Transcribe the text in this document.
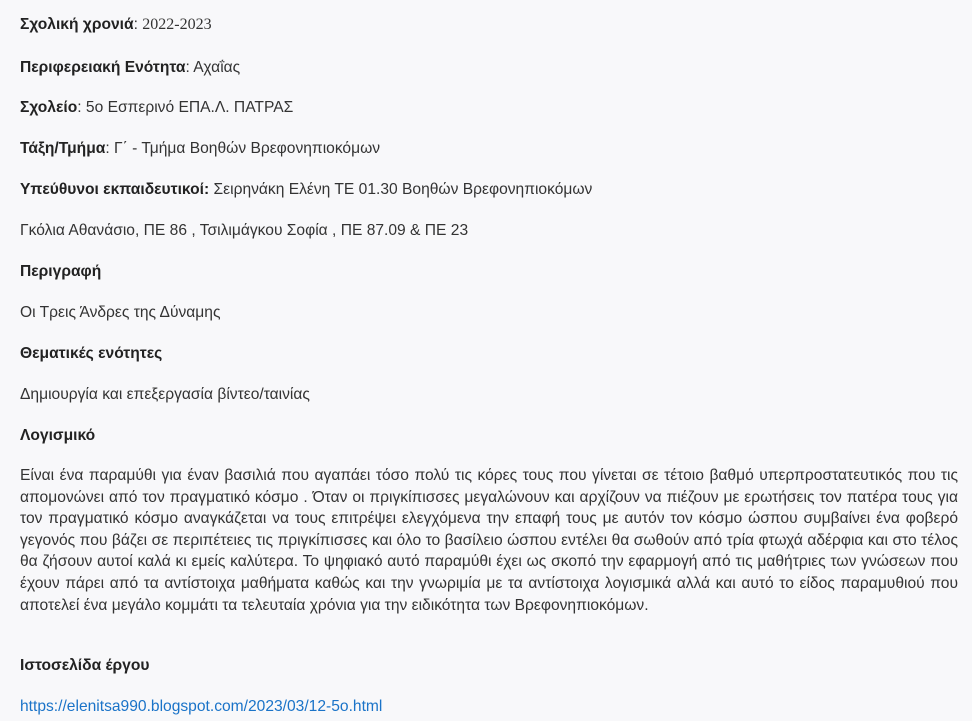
Σχολική χρονιά: 2022-2023
Περιφερειακή Ενότητα: Αχαΐας
Σχολείο: 5ο Εσπερινό ΕΠΑ.Λ. ΠΑΤΡΑΣ
Τάξη/Τμήμα: Γ΄ - Τμήμα Βοηθών Βρεφονηπιοκόμων
Υπεύθυνοι εκπαιδευτικοί: Σειρηνάκη Ελένη ΤΕ 01.30 Βοηθών Βρεφονηπιοκόμων
Γκόλια Αθανάσιο, ΠΕ 86 , Τσιλιμάγκου Σοφία , ΠΕ 87.09 & ΠΕ 23
Περιγραφή
Οι Τρεις Άνδρες της Δύναμης
Θεματικές ενότητες
Δημιουργία και επεξεργασία βίντεο/ταινίας
Λογισμικό
Είναι ένα παραμύθι για έναν βασιλιά που αγαπάει τόσο πολύ τις κόρες τους που γίνεται σε τέτοιο βαθμό υπερπροστατευτικός που τις απομονώνει από τον πραγματικό κόσμο . Όταν οι πριγκίπισσες μεγαλώνουν και αρχίζουν να πιέζουν με ερωτήσεις τον πατέρα τους για τον πραγματικό κόσμο αναγκάζεται να τους επιτρέψει ελεγχόμενα την επαφή τους με αυτόν τον κόσμο ώσπου συμβαίνει ένα φοβερό γεγονός που βάζει σε περιπέτειες τις πριγκίπισσες και όλο το βασίλειο ώσπου εντέλει θα σωθούν από τρία φτωχά αδέρφια και στο τέλος θα ζήσουν αυτοί καλά κι εμείς καλύτερα. Το ψηφιακό αυτό παραμύθι έχει ως σκοπό την εφαρμογή από τις μαθήτριες των γνώσεων που έχουν πάρει από τα αντίστοιχα μαθήματα καθώς και την γνωριμία με τα αντίστοιχα λογισμικά αλλά και αυτό το είδος παραμυθιού που αποτελεί ένα μεγάλο κομμάτι τα τελευταία χρόνια για την ειδικότητα των Βρεφονηπιοκόμων.
Ιστοσελίδα έργου
https://elenitsa990.blogspot.com/2023/03/12-5o.html
